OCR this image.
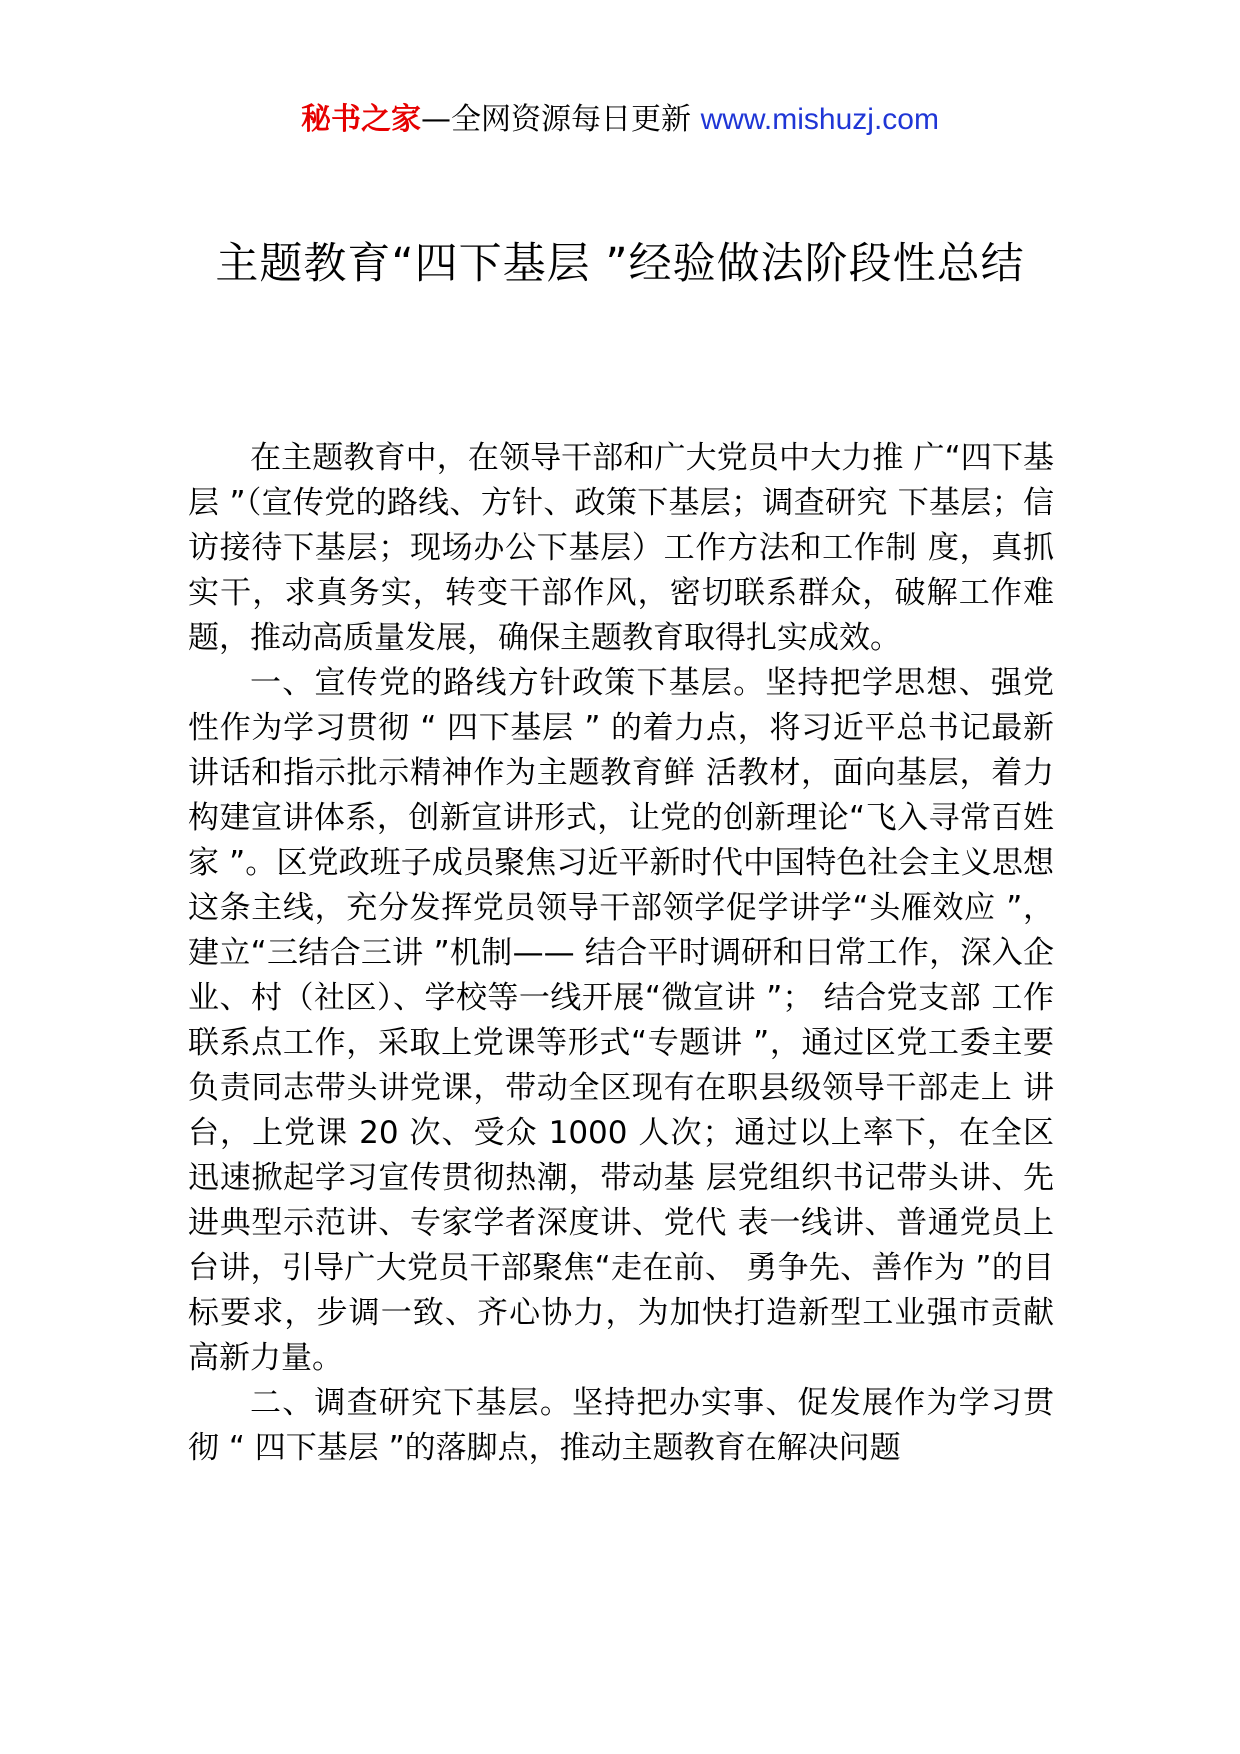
秘书之家—全网资源每日更新 www.mishuzj.com
主题教育“四下基层 ”经验做法阶段性总结

在主题教育中，在领导干部和广大党员中大力推 广“四下基层 ”（宣传党的路线、方针、政策下基层；调查研究 下基层；信访接待下基层；现场办公下基层）工作方法和工作制 度，真抓实干，求真务实，转变干部作风，密切联系群众，破解工作难题，推动高质量发展，确保主题教育取得扎实成效。

一、宣传党的路线方针政策下基层。坚持把学思想、强党性作为学习贯彻 “ 四下基层 ” 的着力点，将习近平总书记最新讲话和指示批示精神作为主题教育鲜 活教材，面向基层，着力构建宣讲体系，创新宣讲形式，让党的创新理论“飞入寻常百姓家 ”。区党政班子成员聚焦习近平新时代中国特色社会主义思想 这条主线，充分发挥党员领导干部领学促学讲学“头雁效应 ”， 建立“三结合三讲 ”机制—— 结合平时调研和日常工作，深入企业、村（社区）、学校等一线开展“微宣讲 ”； 结合党支部 工作联系点工作，采取上党课等形式“专题讲 ”，通过区党工委主要负责同志带头讲党课，带动全区现有在职县级领导干部走上 讲台，上党课 20 次、受众 1000 人次；通过以上率下，在全区迅速掀起学习宣传贯彻热潮，带动基 层党组织书记带头讲、先进典型示范讲、专家学者深度讲、党代 表一线讲、普通党员上台讲，引导广大党员干部聚焦“走在前、 勇争先、善作为 ”的目标要求，步调一致、齐心协力，为加快打造新型工业强市贡献高新力量。

二、调查研究下基层。坚持把办实事、促发展作为学习贯彻 “ 四下基层 ”的落脚点，推动主题教育在解决问题
